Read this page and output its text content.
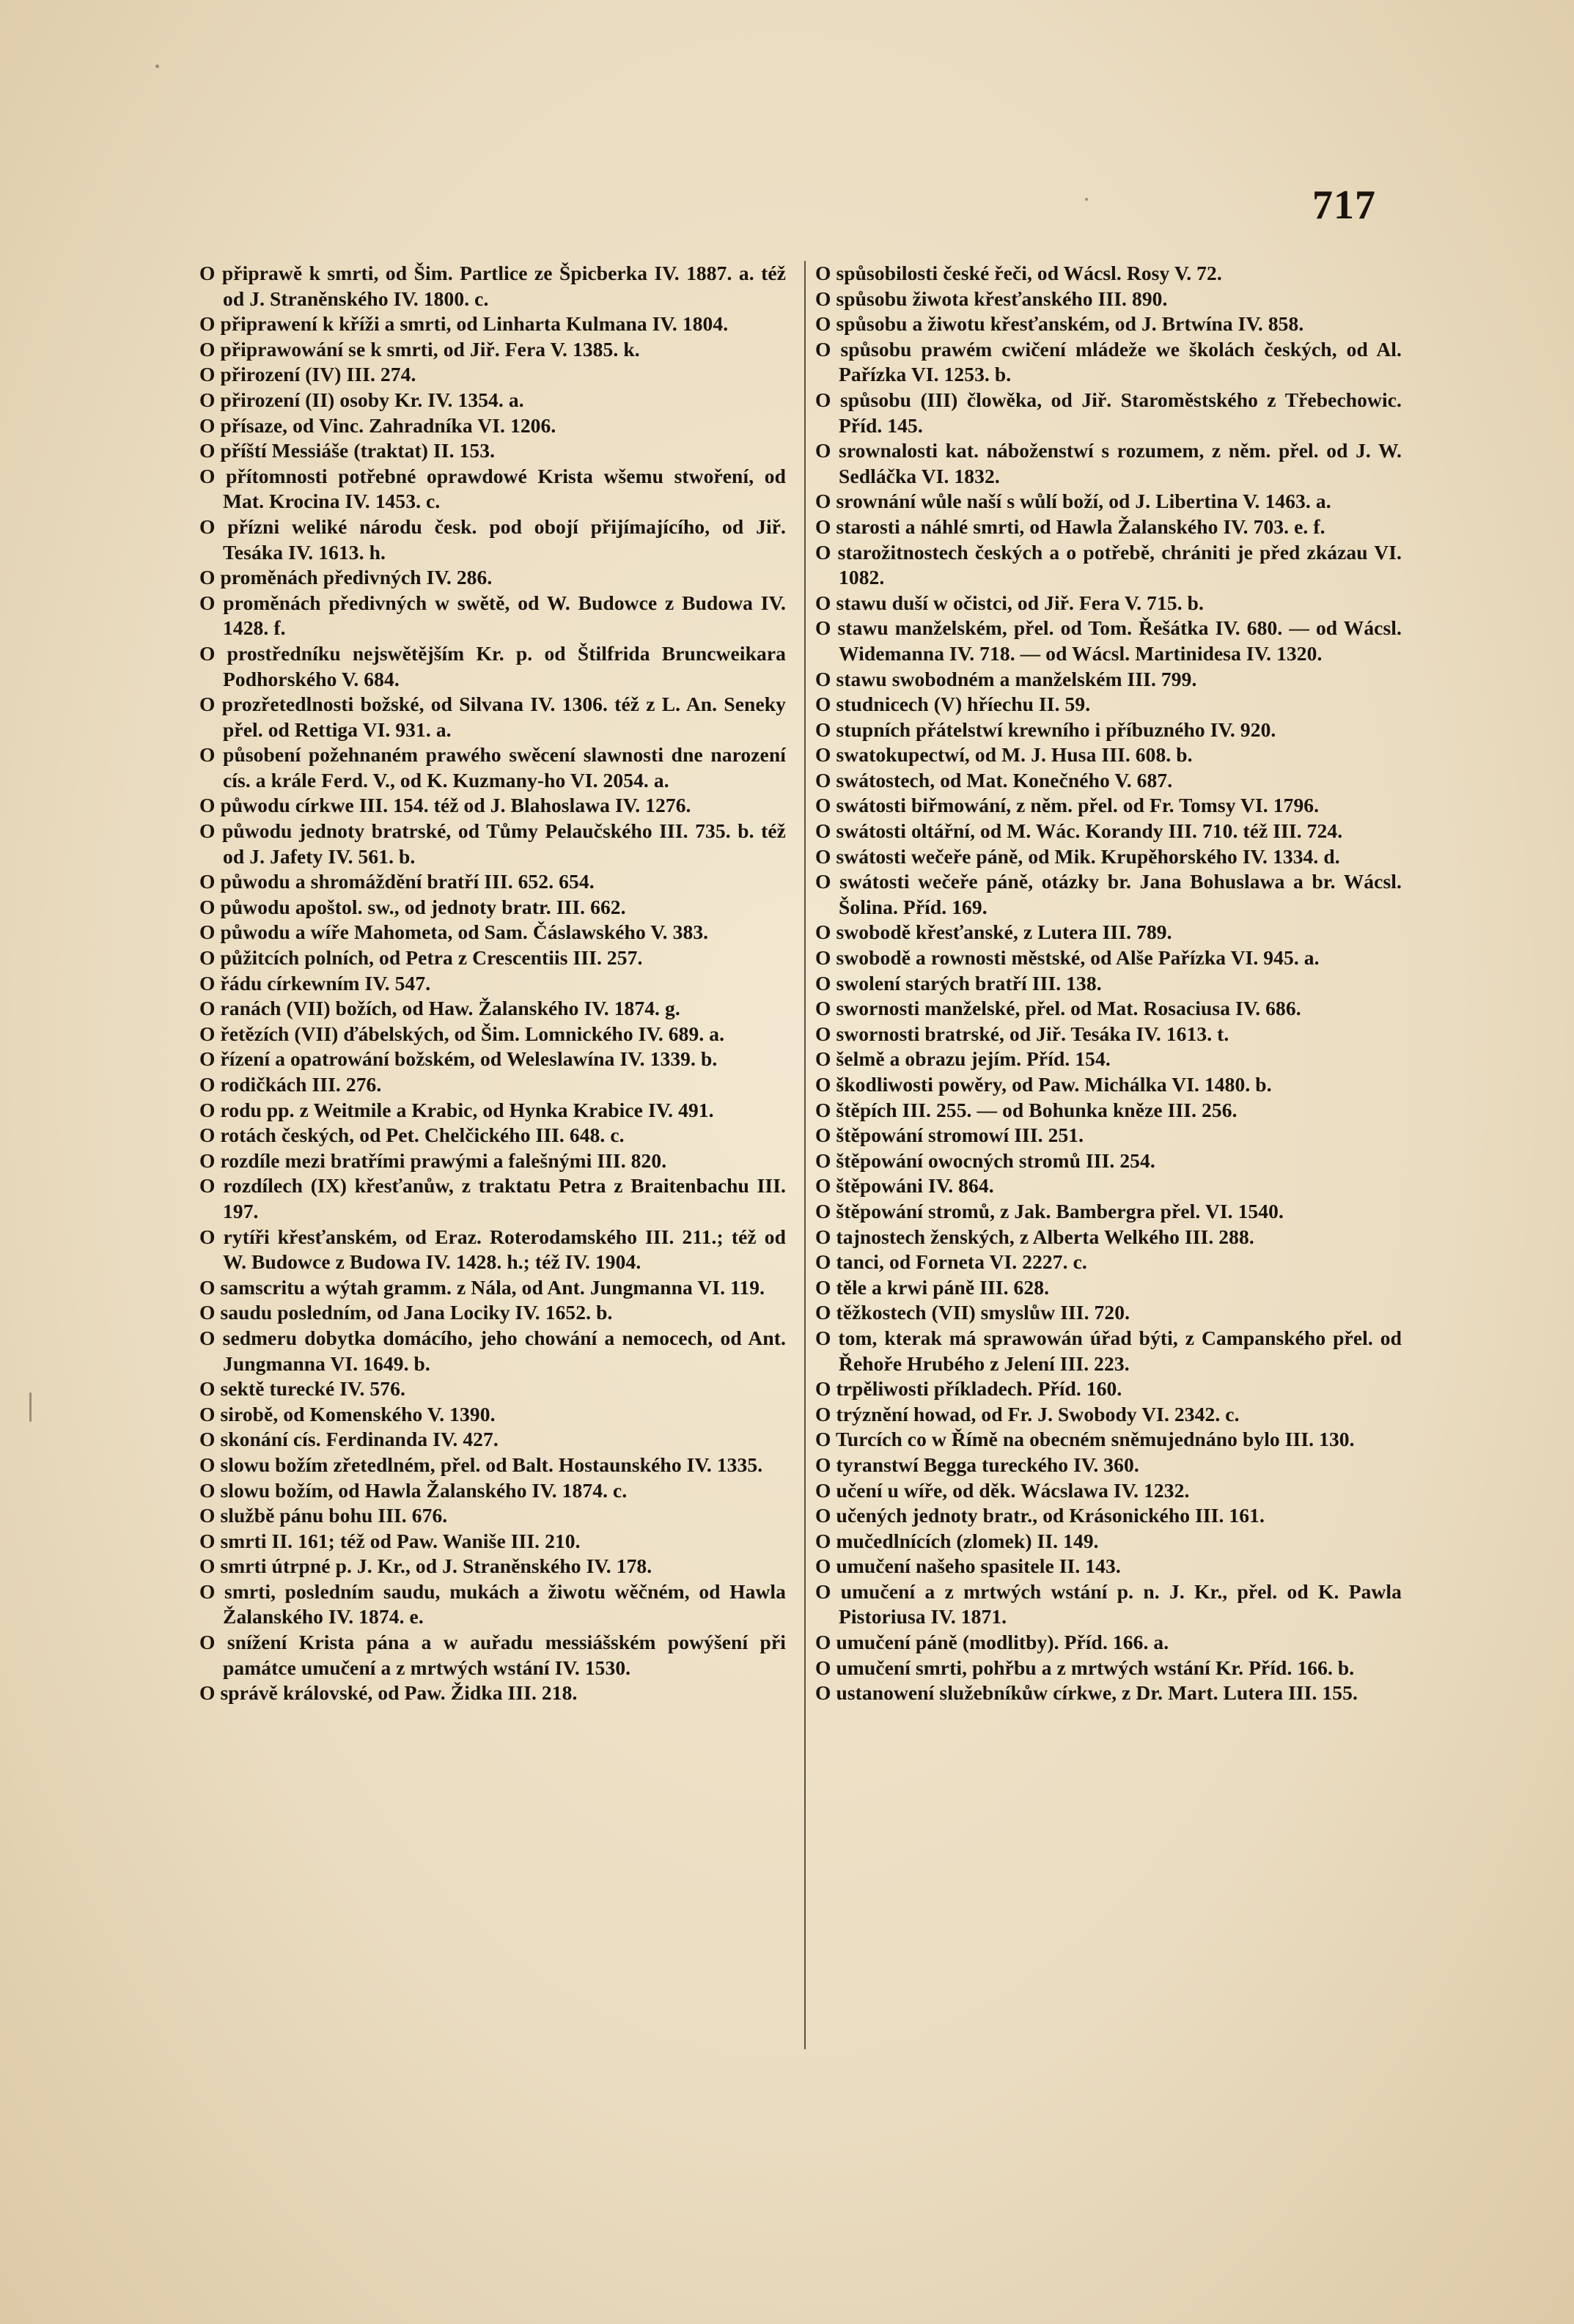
717
O připrawě k smrti, od Šim. Partlice ze Špicberka IV. 1887. a. též od J. Straněnského IV. 1800. c.
O připrawení k kříži a smrti, od Linharta Kulmana IV. 1804.
O připrawowání se k smrti, od Jiř. Fera V. 1385. k.
O přirození (IV) III. 274.
O přirození (II) osoby Kr. IV. 1354. a.
O přísaze, od Vinc. Zahradníka VI. 1206.
O příští Messiáše (traktat) II. 153.
O přítomnosti potřebné oprawdowé Krista wšemu stwoření, od Mat. Krocina IV. 1453. c.
O přízni weliké národu česk. pod obojí přijímajícího, od Jiř. Tesáka IV. 1613. h.
O proměnách předivných IV. 286.
O proměnách předivných w swětě, od W. Budowce z Budowa IV. 1428. f.
O prostředníku nejswětějším Kr. p. od Štilfrida Bruncweikara Podhorského V. 684.
O prozřetedlnosti božské, od Silvana IV. 1306. též z L. An. Seneky přel. od Rettiga VI. 931. a.
O působení požehnaném prawého swěcení slawnosti dne narození cís. a krále Ferd. V., od K. Kuzmany-ho VI. 2054. a.
O půwodu církwe III. 154. též od J. Blahoslawa IV. 1276.
O půwodu jednoty bratrské, od Tůmy Pelaučského III. 735. b. též od J. Jafety IV. 561. b.
O půwodu a shromáždění bratří III. 652. 654.
O půwodu apoštol. sw., od jednoty bratr. III. 662.
O půwodu a wíře Mahometa, od Sam. Čáslawského V. 383.
O půžitcích polních, od Petra z Crescentiis III. 257.
O řádu církewním IV. 547.
O ranách (VII) božích, od Haw. Žalanského IV. 1874. g.
O řetězích (VII) ďábelských, od Šim. Lomnického IV. 689. a.
O řízení a opatrowání božském, od Weleslawína IV. 1339. b.
O rodičkách III. 276.
O rodu pp. z Weitmile a Krabic, od Hynka Krabice IV. 491.
O rotách českých, od Pet. Chelčického III. 648. c.
O rozdíle mezi bratřími prawými a falešnými III. 820.
O rozdílech (IX) křesťanůw, z traktatu Petra z Braitenbachu III. 197.
O rytíři křesťanském, od Eraz. Roterodamského III. 211.; též od W. Budowce z Budowa IV. 1428. h.; též IV. 1904.
O samscritu a wýtah gramm. z Nála, od Ant. Jungmanna VI. 119.
O saudu posledním, od Jana Lociky IV. 1652. b.
O sedmeru dobytka domácího, jeho chowání a nemocech, od Ant. Jungmanna VI. 1649. b.
O sektě turecké IV. 576.
O sirobě, od Komenského V. 1390.
O skonání cís. Ferdinanda IV. 427.
O slowu božím zřetedlném, přel. od Balt. Hostaunského IV. 1335.
O slowu božím, od Hawla Žalanského IV. 1874. c.
O službě pánu bohu III. 676.
O smrti II. 161; též od Paw. Waniše III. 210.
O smrti útrpné p. J. Kr., od J. Straněnského IV. 178.
O smrti, posledním saudu, mukách a žiwotu wěčném, od Hawla Žalanského IV. 1874. e.
O snížení Krista pána a w auřadu messiášském powýšení při památce umučení a z mrtwých wstání IV. 1530.
O správě královské, od Paw. Židka III. 218.
O spůsobilosti české řeči, od Wácsl. Rosy V. 72.
O spůsobu žiwota křesťanského III. 890.
O spůsobu a žiwotu křesťanském, od J. Brtwína IV. 858.
O spůsobu prawém cwičení mládeže we školách českých, od Al. Pařízka VI. 1253. b.
O spůsobu (III) člowěka, od Jiř. Staroměstského z Třebechowic. Příd. 145.
O srownalosti kat. náboženstwí s rozumem, z něm. přel. od J. W. Sedláčka VI. 1832.
O srownání wůle naší s wůlí boží, od J. Libertina V. 1463. a.
O starosti a náhlé smrti, od Hawla Žalanského IV. 703. e. f.
O starožitnostech českých a o potřebě, chrániti je před zkázau VI. 1082.
O stawu duší w očistci, od Jiř. Fera V. 715. b.
O stawu manželském, přel. od Tom. Řešátka IV. 680. — od Wácsl. Widemanna IV. 718. — od Wácsl. Martinidesa IV. 1320.
O stawu swobodném a manželském III. 799.
O studnicech (V) hříechu II. 59.
O stupních přátelstwí krewního i příbuzného IV. 920.
O swatokupectwí, od M. J. Husa III. 608. b.
O swátostech, od Mat. Konečného V. 687.
O swátosti biřmowání, z něm. přel. od Fr. Tomsy VI. 1796.
O swátosti oltářní, od M. Wác. Korandy III. 710. též III. 724.
O swátosti wečeře páně, od Mik. Krupěhorského IV. 1334. d.
O swátosti wečeře páně, otázky br. Jana Bohuslawa a br. Wácsl. Šolina. Příd. 169.
O swobodě křesťanské, z Lutera III. 789.
O swobodě a rownosti městské, od Alše Pařízka VI. 945. a.
O swolení starých bratří III. 138.
O swornosti manželské, přel. od Mat. Rosaciusa IV. 686.
O swornosti bratrské, od Jiř. Tesáka IV. 1613. t.
O šelmě a obrazu jejím. Příd. 154.
O škodliwosti powěry, od Paw. Michálka VI. 1480. b.
O štěpích III. 255. — od Bohunka kněze III. 256.
O štěpowání stromowí III. 251.
O štěpowání owocných stromů III. 254.
O štěpowáni IV. 864.
O štěpowání stromů, z Jak. Bambergra přel. VI. 1540.
O tajnostech ženských, z Alberta Welkého III. 288.
O tanci, od Forneta VI. 2227. c.
O těle a krwi páně III. 628.
O těžkostech (VII) smyslůw III. 720.
O tom, kterak má sprawowán úřad býti, z Campanského přel. od Řehoře Hrubého z Jelení III. 223.
O trpěliwosti příkladech. Příd. 160.
O trýznění howad, od Fr. J. Swobody VI. 2342. c.
O Turcích co w Římě na obecném sněmujednáno bylo III. 130.
O tyranstwí Begga tureckého IV. 360.
O učení u wíře, od děk. Wácslawa IV. 1232.
O učených jednoty bratr., od Krásonického III. 161.
O mučedlnících (zlomek) II. 149.
O umučení našeho spasitele II. 143.
O umučení a z mrtwých wstání p. n. J. Kr., přel. od K. Pawla Pistoriusa IV. 1871.
O umučení páně (modlitby). Příd. 166. a.
O umučení smrti, pohřbu a z mrtwých wstání Kr. Příd. 166. b.
O ustanowení služebníkůw církwe, z Dr. Mart. Lutera III. 155.
